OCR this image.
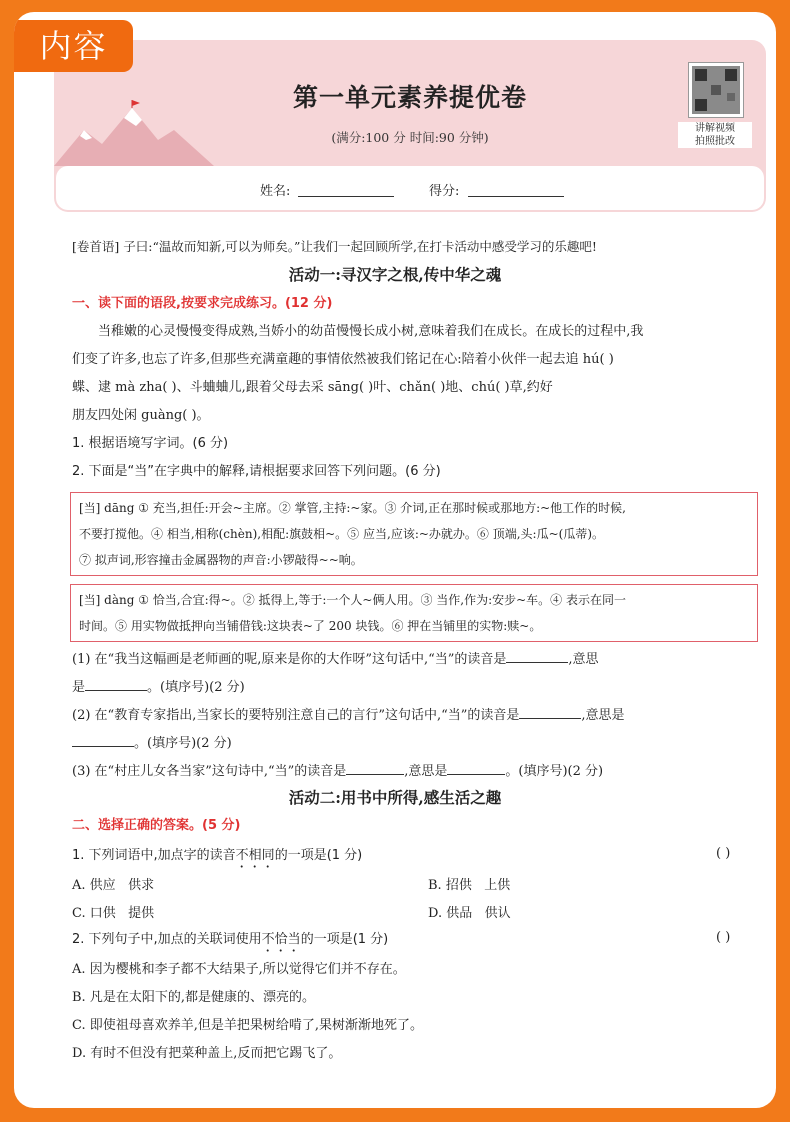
内容
第一单元素养提优卷
(满分:100 分 时间:90 分钟)
讲解视频
拍照批改
姓名:	得分:
[卷首语] 子曰:“温故而知新,可以为师矣。”让我们一起回顾所学,在打卡活动中感受学习的乐趣吧!
活动一:寻汉字之根,传中华之魂
一、读下面的语段,按要求完成练习。(12 分)
当稚嫩的心灵慢慢变得成熟,当娇小的幼苗慢慢长成小树,意味着我们在成长。在成长的过程中,我
们变了许多,也忘了许多,但那些充满童趣的事情依然被我们铭记在心:陪着小伙伴一起去追 hú( )
蝶、逮 mà zha( )、斗蛐蛐儿,跟着父母去采 sāng( )叶、chǎn( )地、chú( )草,约好
朋友四处闲 guàng( )。
1. 根据语境写字词。(6 分)
2. 下面是“当”在字典中的解释,请根据要求回答下列问题。(6 分)
[当] dāng ① 充当,担任:开会~主席。② 掌管,主持:~家。③ 介词,正在那时候或那地方:~他工作的时候,
不要打搅他。④ 相当,相称(chèn),相配:旗鼓相~。⑤ 应当,应该:~办就办。⑥ 顶端,头:瓜~(瓜蒂)。
⑦ 拟声词,形容撞击金属器物的声音:小锣敲得~~响。
[当] dàng ① 恰当,合宜:得~。② 抵得上,等于:一个人~俩人用。③ 当作,作为:安步~车。④ 表示在同一
时间。⑤ 用实物做抵押向当铺借钱:这块表~了 200 块钱。⑥ 押在当铺里的实物:赎~。
(1) 在“我当这幅画是老师画的呢,原来是你的大作呀”这句话中,“当”的读音是	,意思
是	。(填序号)(2 分)
(2) 在“教育专家指出,当家长的要特别注意自己的言行”这句话中,“当”的读音是	,意思是
。(填序号)(2 分)
(3) 在“村庄儿女各当家”这句诗中,“当”的读音是	,意思是	。(填序号)(2 分)
活动二:用书中所得,感生活之趣
二、选择正确的答案。(5 分)
1. 下列词语中,加点字的读音不相同的一项是(1 分)	( )
A. 供应 供求	B. 招供 上供
C. 口供 提供	D. 供品 供认
2. 下列句子中,加点的关联词使用不恰当的一项是(1 分)	( )
A. 因为樱桃和李子都不大结果子,所以觉得它们并不存在。
B. 凡是在太阳下的,都是健康的、漂亮的。
C. 即使祖母喜欢养羊,但是羊把果树给啃了,果树渐渐地死了。
D. 有时不但没有把菜种盖上,反而把它踢飞了。
